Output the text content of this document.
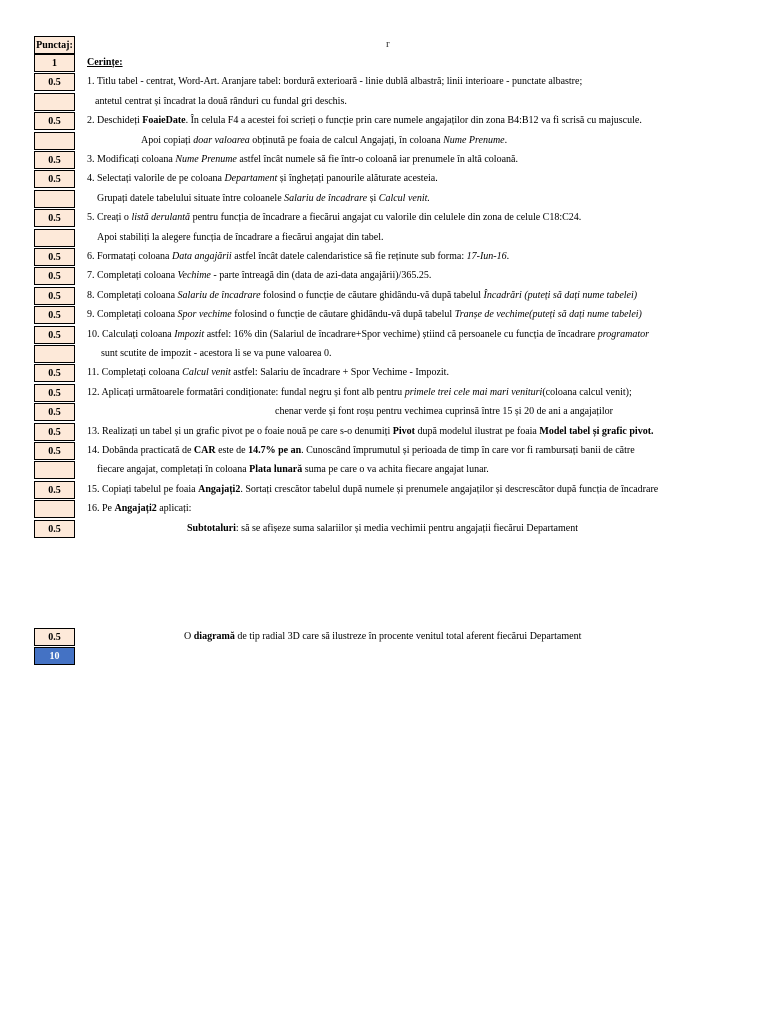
r
Punctaj:
1	Cerințe:
0.5	1. Titlu tabel - centrat, Word-Art. Aranjare tabel: bordură exterioară - linie dublă albastră; linii interioare - punctate albastre;
antetul centrat și încadrat la două rânduri cu fundal gri deschis.
0.5	2. Deschideți FoaieDate. În celula F4 a acestei foi scrieți o funcție prin care numele angajaților din zona B4:B12 va fi scrisă cu majuscule.
Apoi copiați doar valoarea obținută pe foaia de calcul Angajați, în coloana Nume Prenume.
0.5	3. Modificați coloana Nume Prenume astfel încât numele să fie într-o coloană iar prenumele în altă coloană.
0.5	4. Selectați valorile de pe coloana Departament și înghețați panourile alăturate acesteia.
Grupați datele tabelului situate între coloanele Salariu de încadrare și Calcul venit.
0.5	5. Creați o listă derulantă pentru funcția de încadrare a fiecărui angajat cu valorile din celulele din zona de celule C18:C24.
Apoi stabiliți la alegere funcția de încadrare a fiecărui angajat din tabel.
0.5	6. Formatați coloana Data angajării astfel încât datele calendaristice să fie reținute sub forma: 17-Iun-16.
0.5	7. Completați coloana Vechime - parte întreagă din (data de azi-data angajării)/365.25.
0.5	8. Completați coloana Salariu de încadrare folosind o funcție de căutare ghidându-vă după tabelul Încadrări (puteți să dați nume tabelei)
0.5	9. Completați coloana Spor vechime folosind o funcție de căutare ghidându-vă după tabelul Tranșe de vechime(puteți să dați nume tabelei)
0.5	10. Calculați coloana Impozit astfel: 16% din (Salariul de încadrare+Spor vechime) știind că persoanele cu funcția de încadrare programator
sunt scutite de impozit - acestora li se va pune valoarea 0.
0.5	11. Completați coloana Calcul venit astfel: Salariu de încadrare + Spor Vechime - Impozit.
0.5	12. Aplicați următoarele formatări condiționate: fundal negru și font alb pentru primele trei cele mai mari venituri(coloana calcul venit);
0.5	chenar verde și font roșu pentru vechimea cuprinsă între 15 și 20 de ani a angajaților
0.5	13. Realizați un tabel și un grafic pivot pe o foaie nouă pe care s-o denumiți Pivot după modelul ilustrat pe foaia Model tabel și grafic pivot.
0.5	14. Dobânda practicată de CAR este de 14.7% pe an. Cunoscând împrumutul și perioada de timp în care vor fi rambursați banii de către
fiecare angajat, completați în coloana Plata lunară suma pe care o va achita fiecare angajat lunar.
0.5	15. Copiați tabelul pe foaia Angajați2. Sortați crescător tabelul după numele și prenumele angajaților și descrescător după funcția de încadrare
16. Pe Angajați2 aplicați:
0.5	Subtotaluri: să se afișeze suma salariilor și media vechimii pentru angajații fiecărui Departament
0.5	O diagramă de tip radial 3D care să ilustreze în procente venitul total aferent fiecărui Departament
10
